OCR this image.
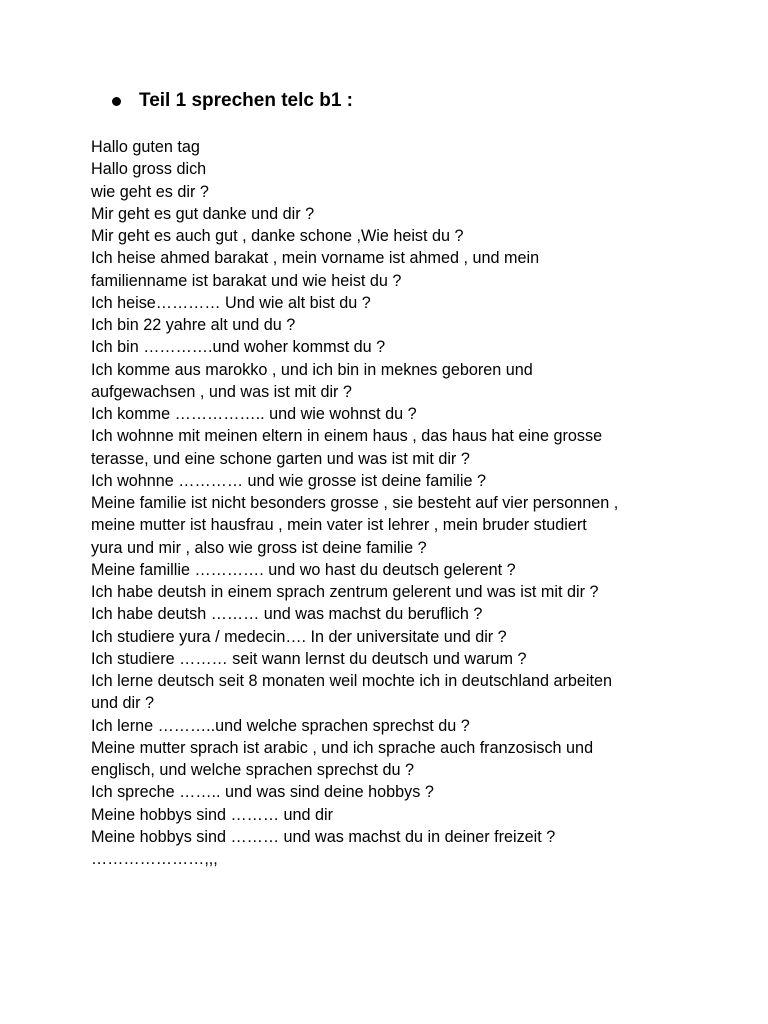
Teil 1 sprechen telc b1 :
Hallo guten tag
Hallo gross dich
wie geht es dir ?
Mir geht es gut danke und dir ?
Mir geht es auch gut , danke schone ,Wie heist du ?
Ich heise ahmed barakat , mein vorname ist ahmed , und mein
familienname ist barakat und wie heist du ?
Ich heise………… Und wie alt bist du ?
Ich bin 22 yahre alt und du ?
Ich bin ………….und woher kommst du ?
Ich komme aus marokko , und ich bin in meknes geboren und
aufgewachsen , und was ist mit dir ?
Ich komme …………….. und wie wohnst du ?
Ich wohnne mit meinen eltern in einem haus , das haus hat eine grosse
terasse, und eine schone garten und was ist mit dir ?
Ich wohnne ………… und wie grosse ist deine familie ?
Meine familie ist nicht besonders grosse , sie besteht auf vier personnen ,
meine mutter ist hausfrau , mein vater ist lehrer , mein bruder studiert
yura und mir , also wie gross ist deine familie ?
Meine famillie …………. und wo hast du deutsch gelerent ?
Ich habe deutsh in einem sprach zentrum gelerent und was ist mit dir ?
Ich habe deutsh ……… und was machst du beruflich ?
Ich studiere yura / medecin…. In der universitate und dir ?
Ich studiere ……… seit wann lernst du deutsch und warum ?
Ich lerne deutsch seit 8 monaten weil mochte ich in deutschland arbeiten
und dir ?
Ich lerne ………..und welche sprachen sprechst du ?
Meine mutter sprach ist arabic , und ich sprache auch franzosisch und
englisch, und welche sprachen sprechst du ?
Ich spreche …….. und was sind deine hobbys ?
Meine hobbys sind ……… und dir
Meine hobbys sind ……… und was machst du in deiner freizeit ?
…………………,,,
